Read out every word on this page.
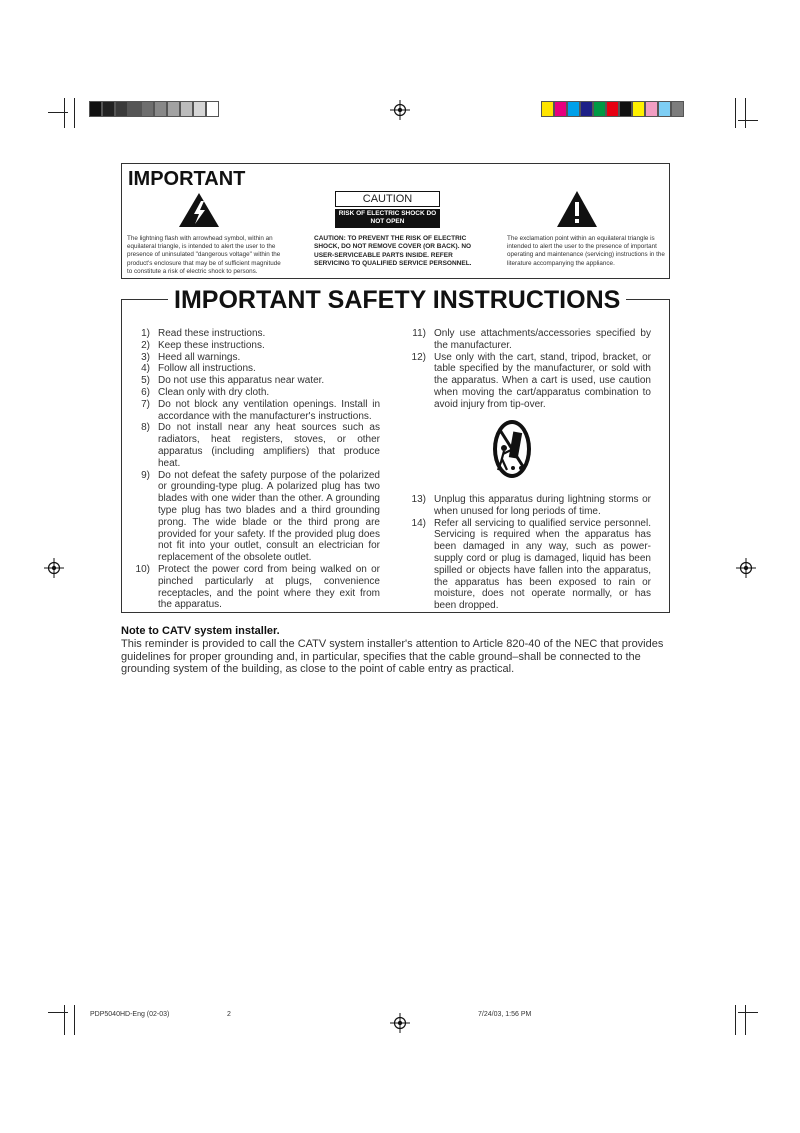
IMPORTANT
The lightning flash with arrowhead symbol, within an equilateral triangle, is intended to alert the user to the presence of uninsulated "dangerous voltage" within the product's enclosure that may be of sufficient magnitude to constitute a risk of electric shock to persons.
CAUTION
RISK OF ELECTRIC SHOCK DO NOT OPEN
CAUTION: TO PREVENT THE RISK OF ELECTRIC SHOCK, DO NOT REMOVE COVER (OR BACK). NO USER-SERVICEABLE PARTS INSIDE. REFER SERVICING TO QUALIFIED SERVICE PERSONNEL.
The exclamation point within an equilateral triangle is intended to alert the user to the presence of important operating and maintenance (servicing) instructions in the literature accompanying the appliance.
IMPORTANT SAFETY INSTRUCTIONS
1) Read these instructions.
2) Keep these instructions.
3) Heed all warnings.
4) Follow all instructions.
5) Do not use this apparatus near water.
6) Clean only with dry cloth.
7) Do not block any ventilation openings. Install in accordance with the manufacturer's instructions.
8) Do not install near any heat sources such as radiators, heat registers, stoves, or other apparatus (including amplifiers) that produce heat.
9) Do not defeat the safety purpose of the polarized or grounding-type plug. A polarized plug has two blades with one wider than the other. A grounding type plug has two blades and a third grounding prong. The wide blade or the third prong are provided for your safety. If the provided plug does not fit into your outlet, consult an electrician for replacement of the obsolete outlet.
10) Protect the power cord from being walked on or pinched particularly at plugs, convenience receptacles, and the point where they exit from the apparatus.
11) Only use attachments/accessories specified by the manufacturer.
12) Use only with the cart, stand, tripod, bracket, or table specified by the manufacturer, or sold with the apparatus. When a cart is used, use caution when moving the cart/apparatus combination to avoid injury from tip-over.
13) Unplug this apparatus during lightning storms or when unused for long periods of time.
14) Refer all servicing to qualified service personnel. Servicing is required when the apparatus has been damaged in any way, such as power-supply cord or plug is damaged, liquid has been spilled or objects have fallen into the apparatus, the apparatus has been exposed to rain or moisture, does not operate normally, or has been dropped.
Note to CATV system installer.
This reminder is provided to call the CATV system installer's attention to Article 820-40 of the NEC that provides guidelines for proper grounding and, in particular, specifies that the cable ground–shall be connected to the grounding system of the building, as close to the point of cable entry as practical.
PDP5040HD-Eng (02-03)	2	7/24/03, 1:56 PM
